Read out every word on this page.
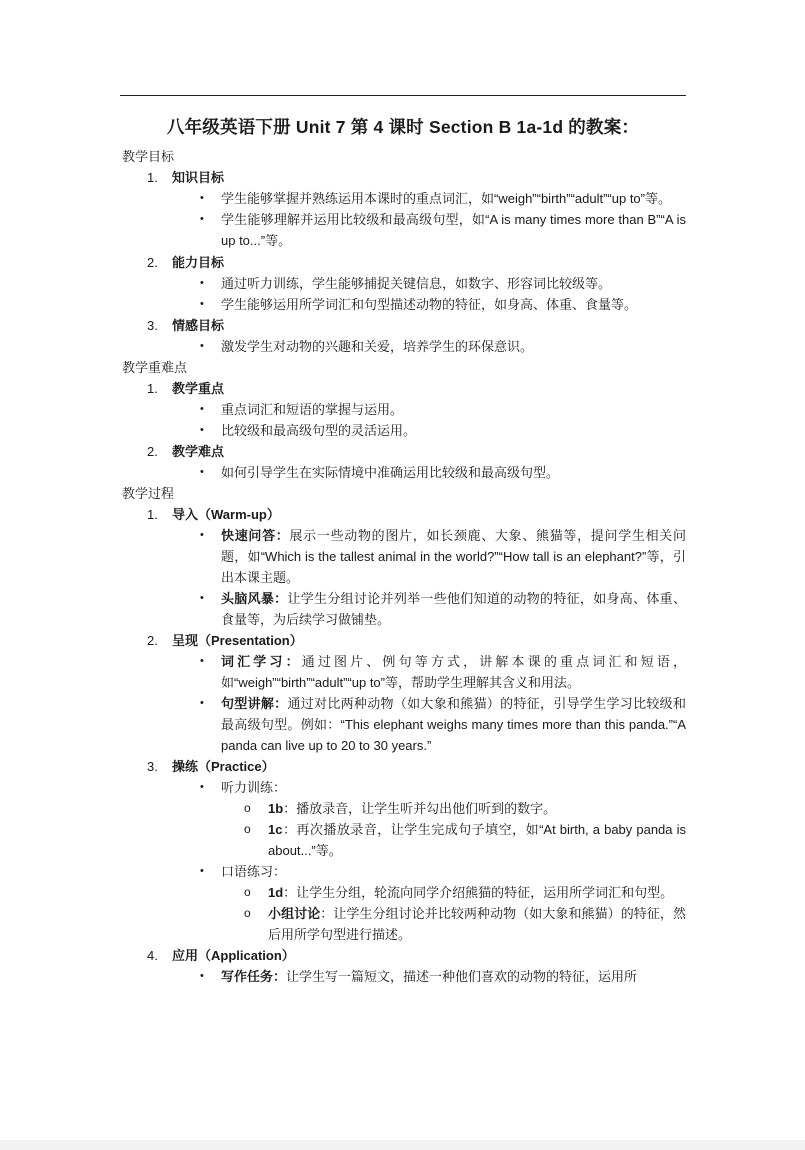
八年级英语下册 Unit 7 第 4 课时 Section B 1a-1d 的教案：

教学目标

1. 知识目标

• 学生能够掌握并熟练运用本课时的重点词汇，如“weigh”“birth”“adult”“up to”等。

• 学生能够理解并运用比较级和最高级句型，如“A is many times more than B”“A is up to...”等。

2. 能力目标

• 通过听力训练，学生能够捕捉关键信息，如数字、形容词比较级等。

• 学生能够运用所学词汇和句型描述动物的特征，如身高、体重、食量等。

3. 情感目标

• 激发学生对动物的兴趣和关爱，培养学生的环保意识。

教学重难点

1. 教学重点

• 重点词汇和短语的掌握与运用。

• 比较级和最高级句型的灵活运用。

2. 教学难点

• 如何引导学生在实际情境中准确运用比较级和最高级句型。

教学过程

1. 导入（Warm-up）

• 快速问答：展示一些动物的图片，如长颈鹿、大象、熊猫等，提问学生相关问题，如“Which is the tallest animal in the world?”“How tall is an elephant?”等，引出本课主题。

• 头脑风暴：让学生分组讨论并列举一些他们知道的动物的特征，如身高、体重、食量等，为后续学习做铺垫。

2. 呈现（Presentation）

• 词汇学习：通过图片、例句等方式，讲解本课的重点词汇和短语，如“weigh”“birth”“adult”“up to”等，帮助学生理解其含义和用法。

• 句型讲解：通过对比两种动物（如大象和熊猫）的特征，引导学生学习比较级和最高级句型。例如：“This elephant weighs many times more than this panda.”“A panda can live up to 20 to 30 years.”

3. 操练（Practice）

• 听力训练：

o 1b：播放录音，让学生听并勾出他们听到的数字。

o 1c：再次播放录音，让学生完成句子填空，如“At birth, a baby panda is about...”等。

• 口语练习：

o 1d：让学生分组，轮流向同学介绍熊猫的特征，运用所学词汇和句型。

o 小组讨论：让学生分组讨论并比较两种动物（如大象和熊猫）的特征，然后用所学句型进行描述。

4. 应用（Application）

• 写作任务：让学生写一篇短文，描述一种他们喜欢的动物的特征，运用所
